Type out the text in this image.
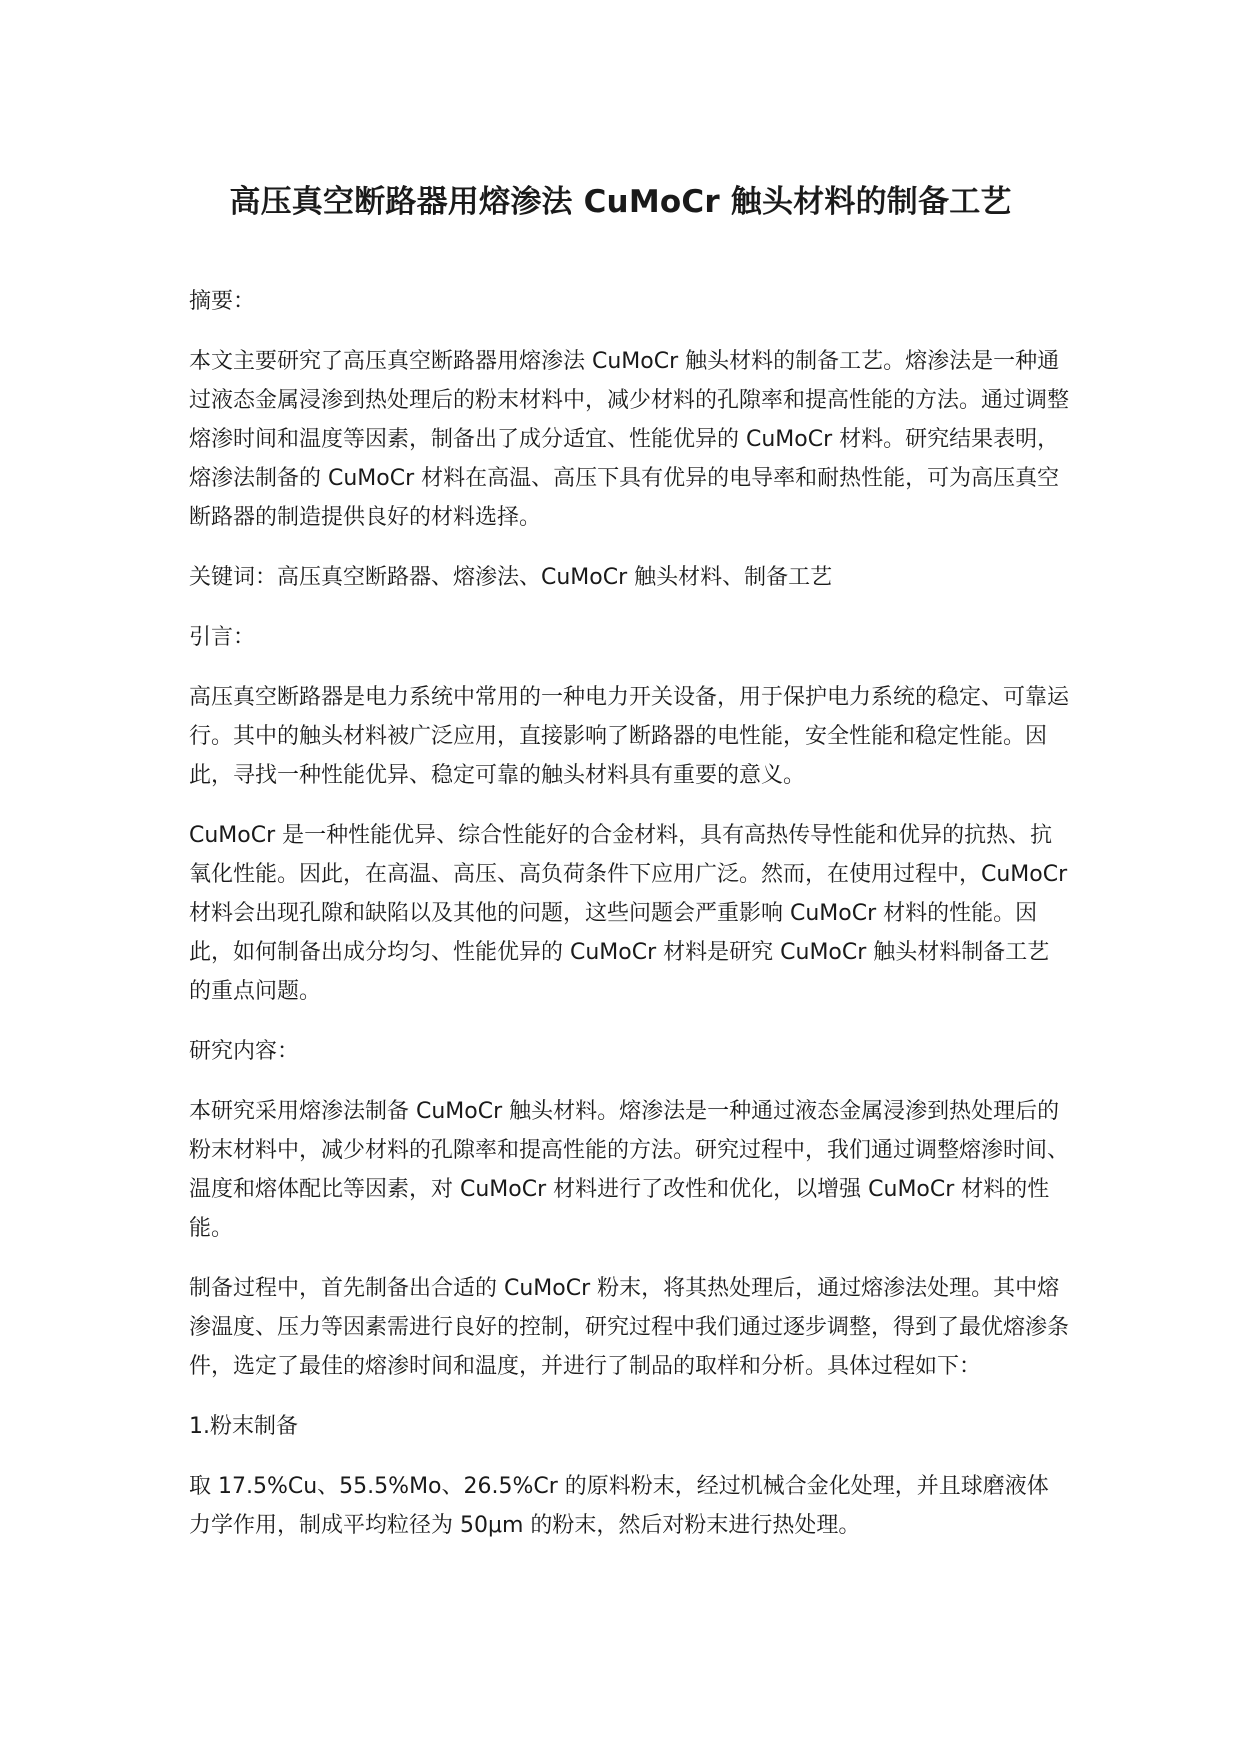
高压真空断路器用熔渗法 CuMoCr 触头材料的制备工艺

摘要：

本文主要研究了高压真空断路器用熔渗法 CuMoCr 触头材料的制备工艺。熔渗法是一种通过液态金属浸渗到热处理后的粉末材料中，减少材料的孔隙率和提高性能的方法。通过调整熔渗时间和温度等因素，制备出了成分适宜、性能优异的 CuMoCr 材料。研究结果表明，熔渗法制备的 CuMoCr 材料在高温、高压下具有优异的电导率和耐热性能，可为高压真空断路器的制造提供良好的材料选择。

关键词：高压真空断路器、熔渗法、CuMoCr 触头材料、制备工艺

引言：

高压真空断路器是电力系统中常用的一种电力开关设备，用于保护电力系统的稳定、可靠运行。其中的触头材料被广泛应用，直接影响了断路器的电性能，安全性能和稳定性能。因此，寻找一种性能优异、稳定可靠的触头材料具有重要的意义。

CuMoCr 是一种性能优异、综合性能好的合金材料，具有高热传导性能和优异的抗热、抗氧化性能。因此，在高温、高压、高负荷条件下应用广泛。然而，在使用过程中，CuMoCr 材料会出现孔隙和缺陷以及其他的问题，这些问题会严重影响 CuMoCr 材料的性能。因此，如何制备出成分均匀、性能优异的 CuMoCr 材料是研究 CuMoCr 触头材料制备工艺的重点问题。

研究内容：

本研究采用熔渗法制备 CuMoCr 触头材料。熔渗法是一种通过液态金属浸渗到热处理后的粉末材料中，减少材料的孔隙率和提高性能的方法。研究过程中，我们通过调整熔渗时间、温度和熔体配比等因素，对 CuMoCr 材料进行了改性和优化，以增强 CuMoCr 材料的性能。

制备过程中，首先制备出合适的 CuMoCr 粉末，将其热处理后，通过熔渗法处理。其中熔渗温度、压力等因素需进行良好的控制，研究过程中我们通过逐步调整，得到了最优熔渗条件，选定了最佳的熔渗时间和温度，并进行了制品的取样和分析。具体过程如下：

1.粉末制备

取 17.5%Cu、55.5%Mo、26.5%Cr 的原料粉末，经过机械合金化处理，并且球磨液体力学作用，制成平均粒径为 50μm 的粉末，然后对粉末进行热处理。
